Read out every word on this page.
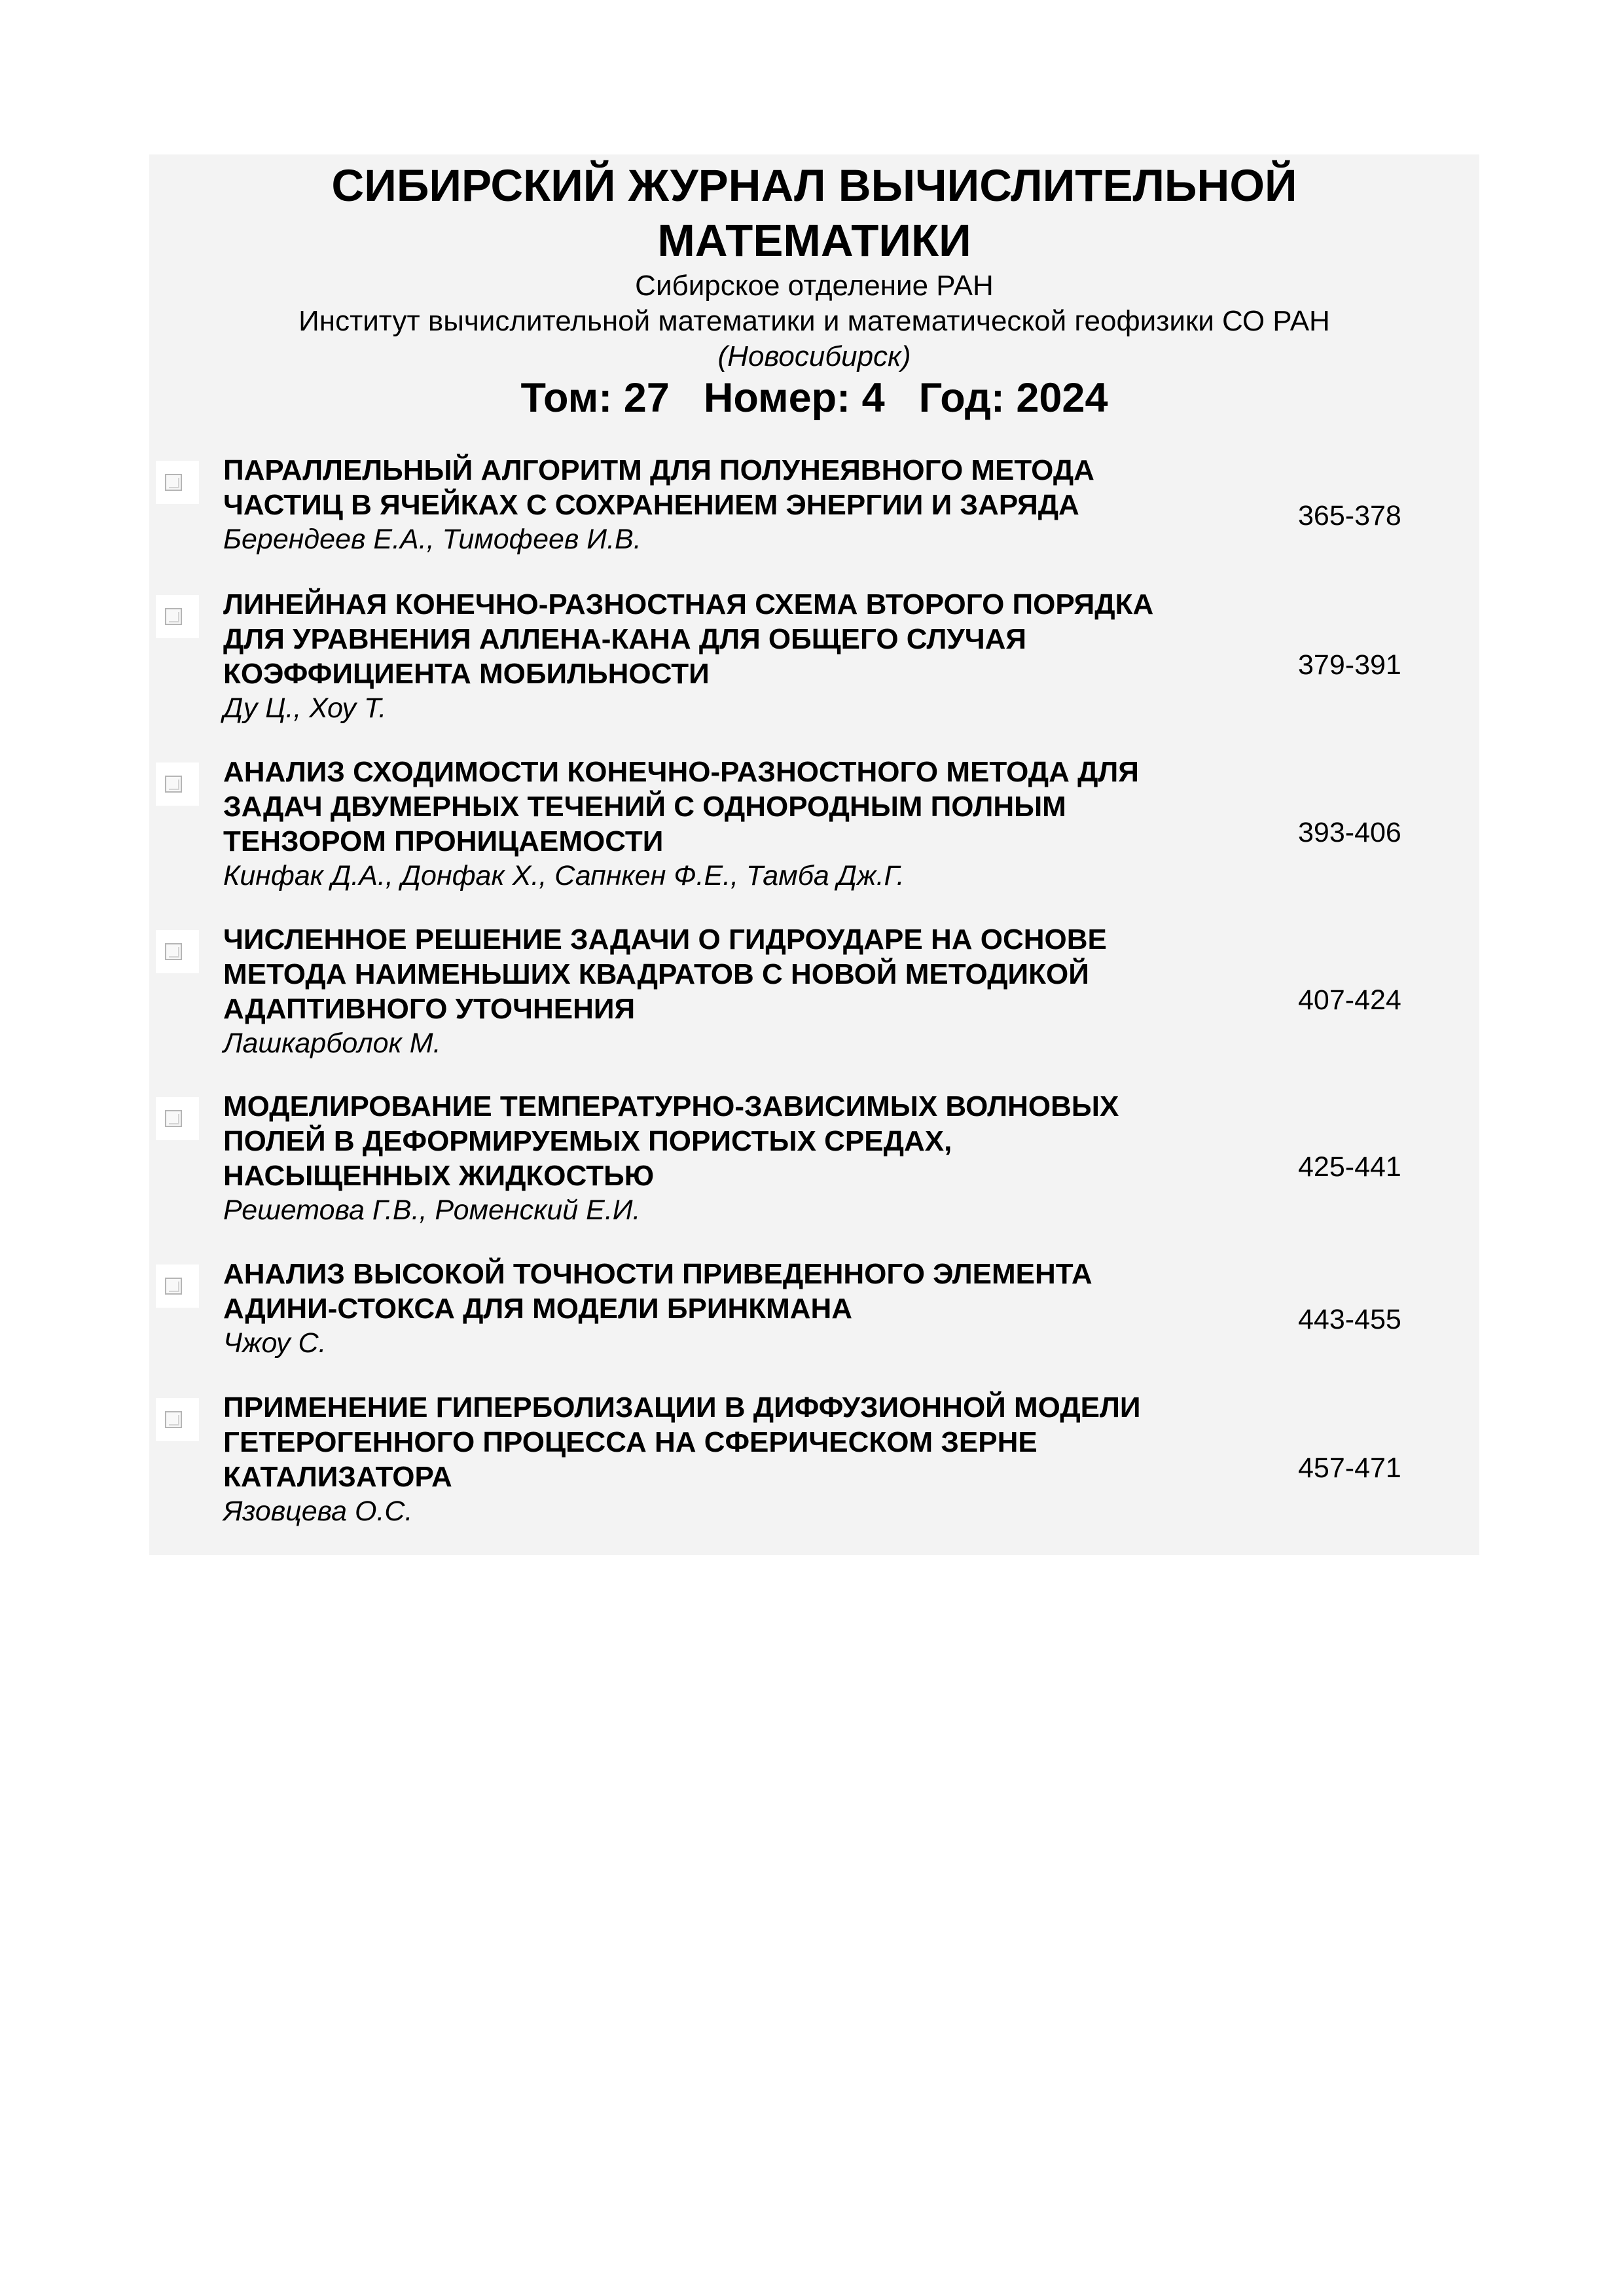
СИБИРСКИЙ ЖУРНАЛ ВЫЧИСЛИТЕЛЬНОЙ
МАТЕМАТИКИ

Сибирское отделение РАН

Институт вычислительной математики и математической геофизики СО РАН

(Новосибирск)

Том: 27 Номер: 4 Год: 2024

ПАРАЛЛЕЛЬНЫЙ АЛГОРИТМ ДЛЯ ПОЛУНЕЯВНОГО МЕТОДА
ЧАСТИЦ В ЯЧЕЙКАХ С СОХРАНЕНИЕМ ЭНЕРГИИ И ЗАРЯДА
Берендеев Е.А., Тимофеев И.В.

365-378

ЛИНЕЙНАЯ КОНЕЧНО-РАЗНОСТНАЯ СХЕМА ВТОРОГО ПОРЯДКА
ДЛЯ УРАВНЕНИЯ АЛЛЕНА-КАНА ДЛЯ ОБЩЕГО СЛУЧАЯ
КОЭФФИЦИЕНТА МОБИЛЬНОСТИ
Ду Ц., Хоу Т.

379-391

АНАЛИЗ СХОДИМОСТИ КОНЕЧНО-РАЗНОСТНОГО МЕТОДА ДЛЯ
ЗАДАЧ ДВУМЕРНЫХ ТЕЧЕНИЙ С ОДНОРОДНЫМ ПОЛНЫМ
ТЕНЗОРОМ ПРОНИЦАЕМОСТИ
Кинфак Д.А., Донфак Х., Сапнкен Ф.Е., Тамба Дж.Г.

393-406

ЧИСЛЕННОЕ РЕШЕНИЕ ЗАДАЧИ О ГИДРОУДАРЕ НА ОСНОВЕ
МЕТОДА НАИМЕНЬШИХ КВАДРАТОВ С НОВОЙ МЕТОДИКОЙ
АДАПТИВНОГО УТОЧНЕНИЯ
Лашкарболок М.

407-424

МОДЕЛИРОВАНИЕ ТЕМПЕРАТУРНО-ЗАВИСИМЫХ ВОЛНОВЫХ
ПОЛЕЙ В ДЕФОРМИРУЕМЫХ ПОРИСТЫХ СРЕДАХ,
НАСЫЩЕННЫХ ЖИДКОСТЬЮ
Решетова Г.В., Роменский Е.И.

425-441

АНАЛИЗ ВЫСОКОЙ ТОЧНОСТИ ПРИВЕДЕННОГО ЭЛЕМЕНТА
АДИНИ-СТОКСА ДЛЯ МОДЕЛИ БРИНКМАНА
Чжоу С.

443-455

ПРИМЕНЕНИЕ ГИПЕРБОЛИЗАЦИИ В ДИФФУЗИОННОЙ МОДЕЛИ
ГЕТЕРОГЕННОГО ПРОЦЕССА НА СФЕРИЧЕСКОМ ЗЕРНЕ
КАТАЛИЗАТОРА
Язовцева О.С.

457-471
